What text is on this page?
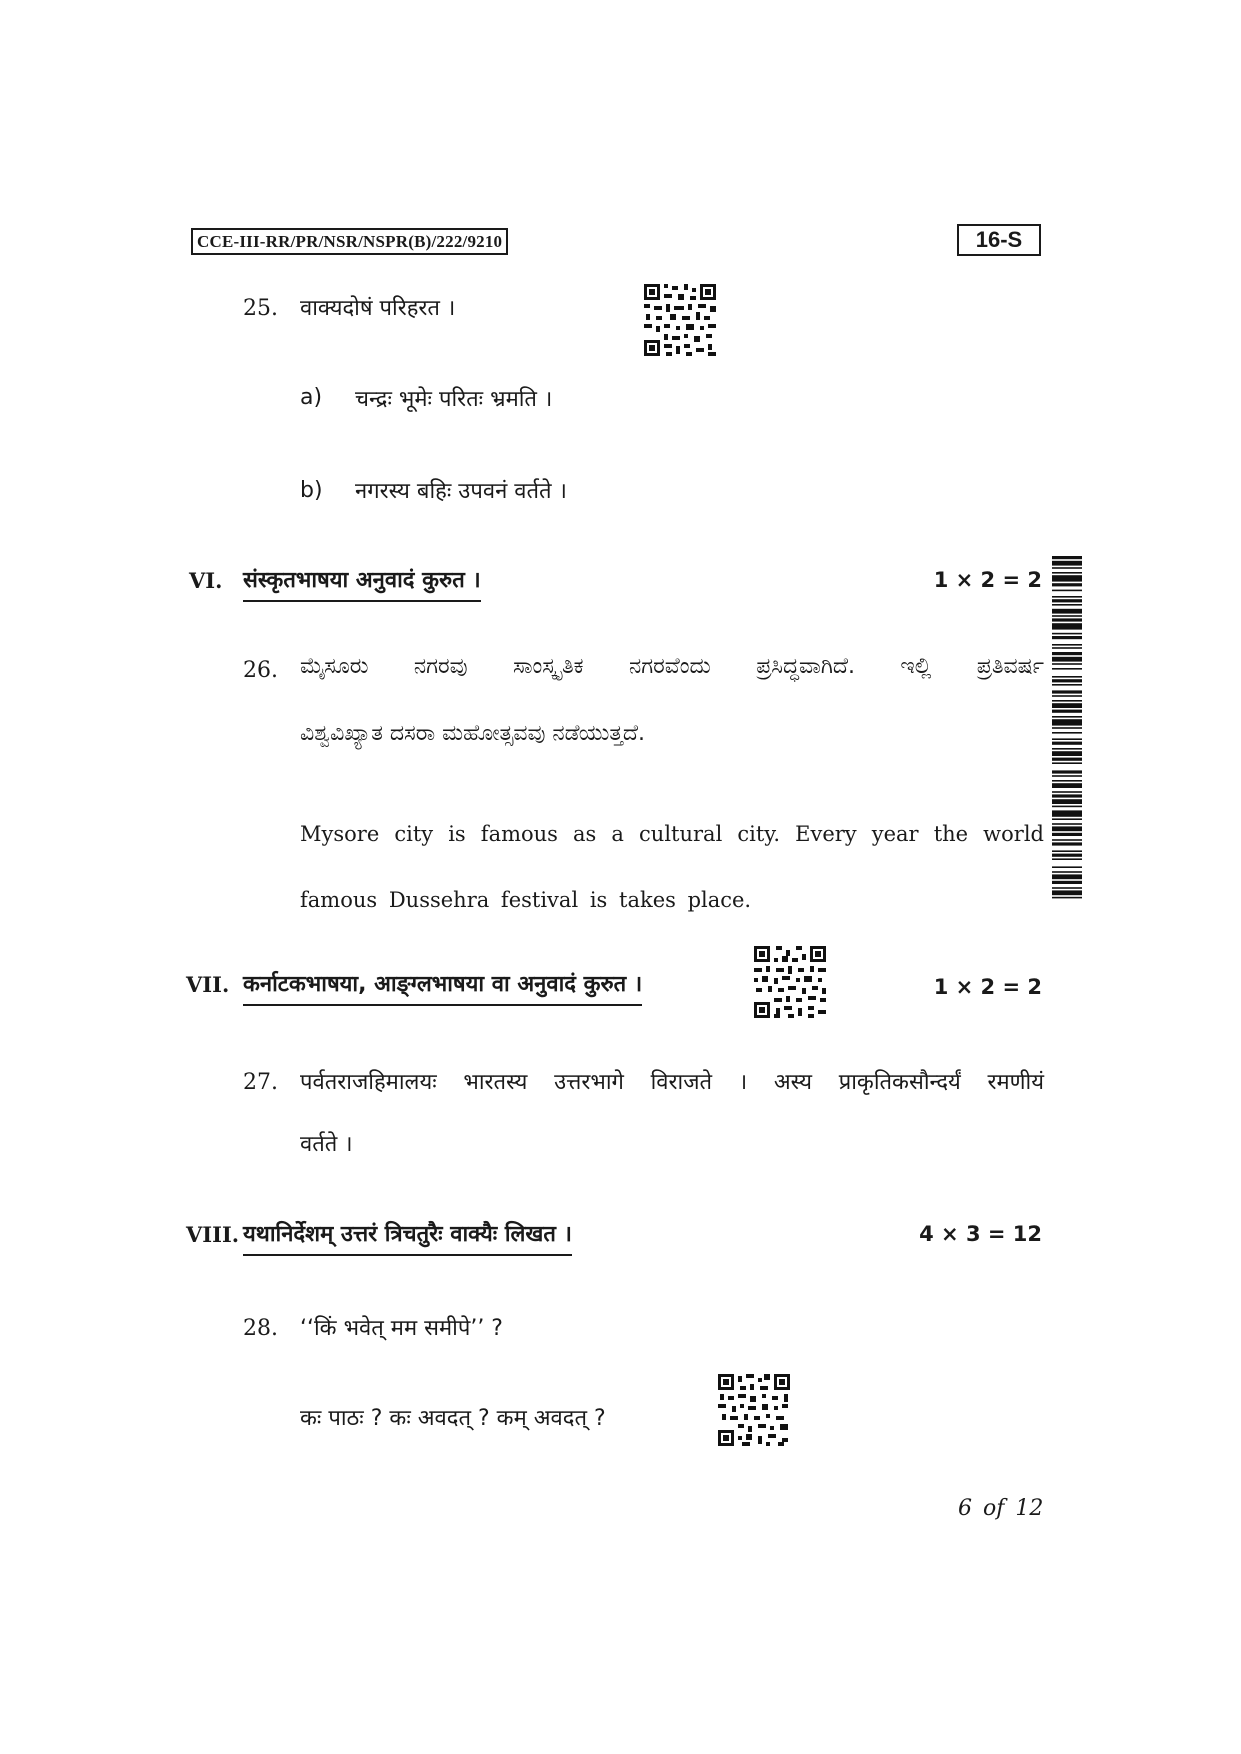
CCE-III-RR/PR/NSR/NSPR(B)/222/9210	16-S
25. वाक्यदोषं परिहरत ।
a) चन्द्रः भूमेः परितः भ्रमति ।
b) नगरस्य बहिः उपवनं वर्तते ।
VI. संस्कृतभाषया अनुवादं कुरुत ।	1 × 2 = 2
26. ಮೈಸೂರು ನಗರವು ಸಾಂಸ್ಕೃತಿಕ ನಗರವೆಂದು ಪ್ರಸಿದ್ಧವಾಗಿದೆ. ಇಲ್ಲಿ ಪ್ರತಿವರ್ಷ
ವಿಶ್ವವಿಖ್ಯಾತ ದಸರಾ ಮಹೋತ್ಸವವು ನಡೆಯುತ್ತದೆ.
Mysore city is famous as a cultural city. Every year the world
famous Dussehra festival is takes place.
VII. कर्नाटकभाषया, आङ्ग्लभाषया वा अनुवादं कुरुत ।	1 × 2 = 2
27. पर्वतराजहिमालयः भारतस्य उत्तरभागे विराजते । अस्य प्राकृतिकसौन्दर्यं रमणीयं
वर्तते ।
VIII. यथानिर्देशम् उत्तरं त्रिचतुरैः वाक्यैः लिखत ।	4 × 3 = 12
28. ‘‘किं भवेत् मम समीपे’’ ?
कः पाठः ? कः अवदत् ? कम् अवदत् ?
6 of 12
